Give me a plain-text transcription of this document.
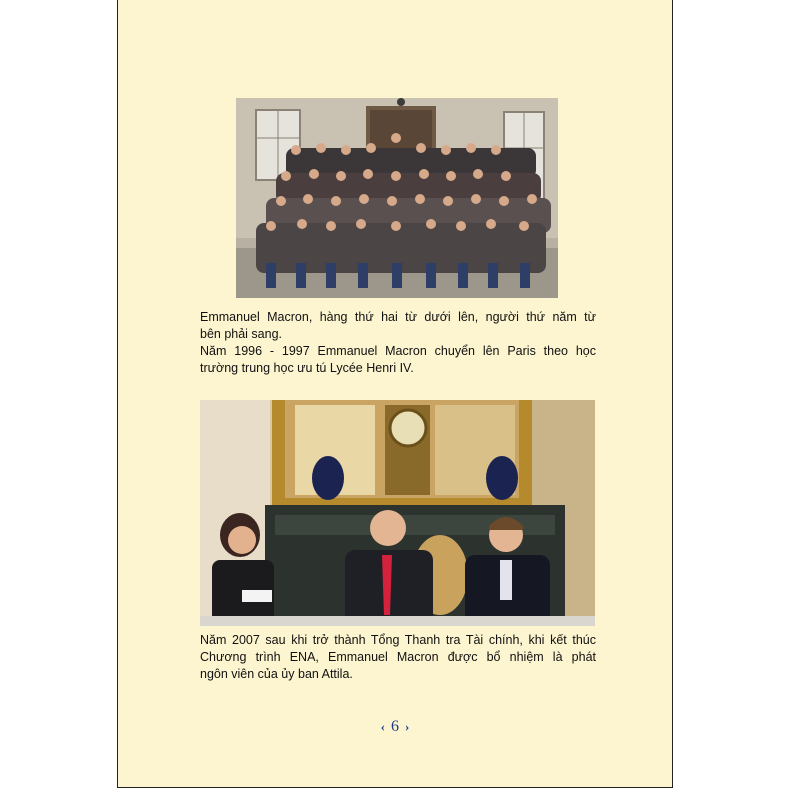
Emmanuel Macron, hàng thứ hai từ dưới lên, người thứ năm từ
bên phải sang.
Năm 1996 - 1997 Emmanuel Macron chuyển lên Paris theo học
trường trung học ưu tú Lycée Henri IV.
Năm 2007 sau khi trở thành Tổng Thanh tra Tài chính, khi kết thúc
Chương trình ENA, Emmanuel Macron được bổ nhiệm là phát
ngôn viên của ủy ban Attila.
‹ 6 ›
